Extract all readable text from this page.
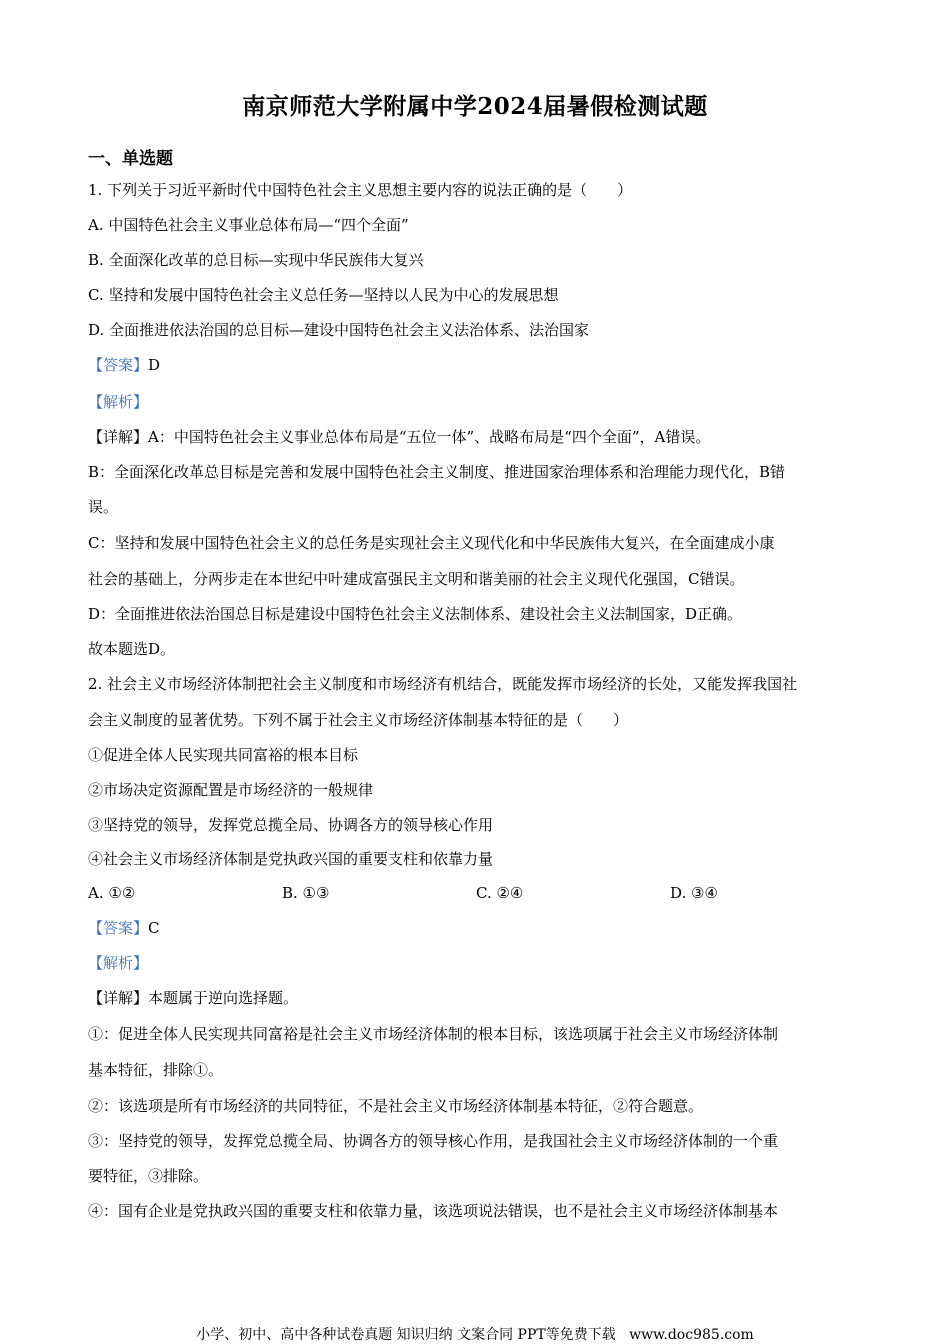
南京师范大学附属中学2024届暑假检测试题
一、单选题
1. 下列关于习近平新时代中国特色社会主义思想主要内容的说法正确的是（　　）
A. 中国特色社会主义事业总体布局—“四个全面”
B. 全面深化改革的总目标—实现中华民族伟大复兴
C. 坚持和发展中国特色社会主义总任务—坚持以人民为中心的发展思想
D. 全面推进依法治国的总目标—建设中国特色社会主义法治体系、法治国家
【答案】D
【解析】
【详解】A：中国特色社会主义事业总体布局是“五位一体”、战略布局是“四个全面”，A错误。
B：全面深化改革总目标是完善和发展中国特色社会主义制度、推进国家治理体系和治理能力现代化，B错
误。
C：坚持和发展中国特色社会主义的总任务是实现社会主义现代化和中华民族伟大复兴，在全面建成小康
社会的基础上，分两步走在本世纪中叶建成富强民主文明和谐美丽的社会主义现代化强国，C错误。
D：全面推进依法治国总目标是建设中国特色社会主义法制体系、建设社会主义法制国家，D正确。
故本题选D。
2. 社会主义市场经济体制把社会主义制度和市场经济有机结合，既能发挥市场经济的长处，又能发挥我国社
会主义制度的显著优势。下列不属于社会主义市场经济体制基本特征的是（　　）
①促进全体人民实现共同富裕的根本目标
②市场决定资源配置是市场经济的一般规律
③坚持党的领导，发挥党总揽全局、协调各方的领导核心作用
④社会主义市场经济体制是党执政兴国的重要支柱和依靠力量
A. ①②	B. ①③	C. ②④	D. ③④
【答案】C
【解析】
【详解】本题属于逆向选择题。
①：促进全体人民实现共同富裕是社会主义市场经济体制的根本目标，该选项属于社会主义市场经济体制
基本特征，排除①。
②：该选项是所有市场经济的共同特征，不是社会主义市场经济体制基本特征，②符合题意。
③：坚持党的领导，发挥党总揽全局、协调各方的领导核心作用，是我国社会主义市场经济体制的一个重
要特征，③排除。
④：国有企业是党执政兴国的重要支柱和依靠力量，该选项说法错误，也不是社会主义市场经济体制基本
小学、初中、高中各种试卷真题 知识归纳 文案合同 PPT等免费下载 www.doc985.com
